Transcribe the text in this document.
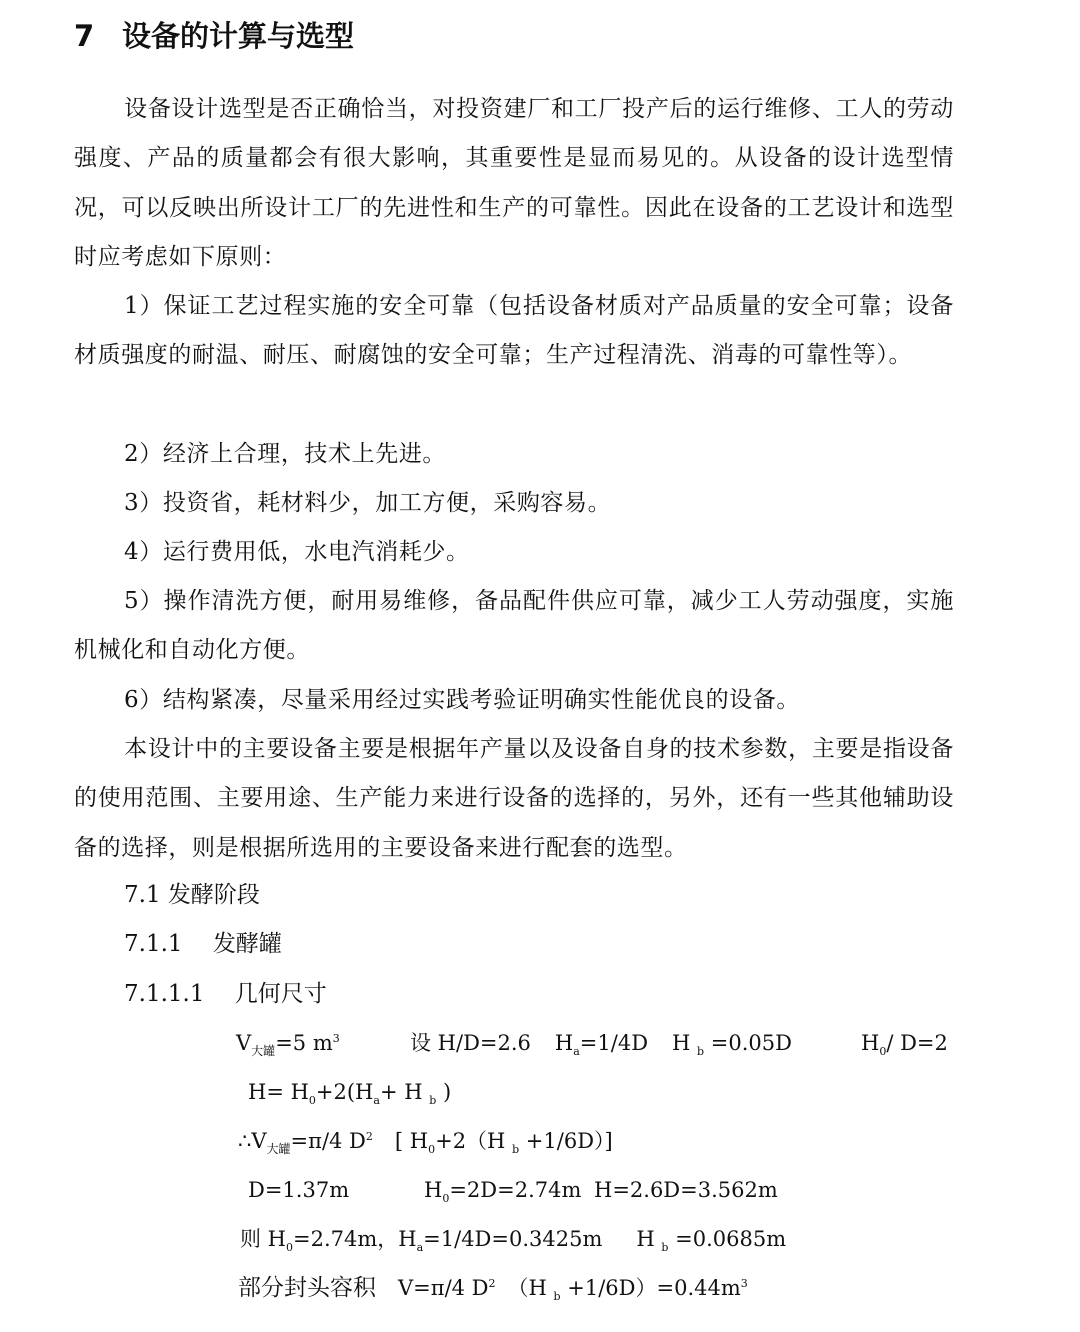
7 设备的计算与选型
设备设计选型是否正确恰当，对投资建厂和工厂投产后的运行维修、工人的劳动强度、产品的质量都会有很大影响，其重要性是显而易见的。从设备的设计选型情况，可以反映出所设计工厂的先进性和生产的可靠性。因此在设备的工艺设计和选型时应考虑如下原则：
1）保证工艺过程实施的安全可靠（包括设备材质对产品质量的安全可靠；设备材质强度的耐温、耐压、耐腐蚀的安全可靠；生产过程清洗、消毒的可靠性等）。
2）经济上合理，技术上先进。
3）投资省，耗材料少，加工方便，采购容易。
4）运行费用低，水电汽消耗少。
5）操作清洗方便，耐用易维修，备品配件供应可靠，减少工人劳动强度，实施机械化和自动化方便。
6）结构紧凑，尽量采用经过实践考验证明确实性能优良的设备。
本设计中的主要设备主要是根据年产量以及设备自身的技术参数，主要是指设备的使用范围、主要用途、生产能力来进行设备的选择的，另外，还有一些其他辅助设备的选择，则是根据所选用的主要设备来进行配套的选型。
7.1 发酵阶段
7.1.1　 发酵罐
7.1.1.1　 几何尺寸
$V_{大罐}=5$ $m^3$	设 H/D=2.6 $H_a=1/4D$ H $_b$ =0.05D	$H_0/$ D=2
$H= H_0+2(H_a+ H$ $_b$ )
$\therefore V_{大罐}=\pi/4$ $D^2$ [ $H_0+2(H$ $_b$ +1/6D）]
D=1.37m	$H_0=2D=2.74m$ H=2.6D=3.562m
则 $H_0=2.74m$，$H_a=1/4D=0.3425m$ H $_b$ =0.0685m
部分封头容积 V=π/4 $D^2$ （H $_b +1/6D)=0.44m^3$
